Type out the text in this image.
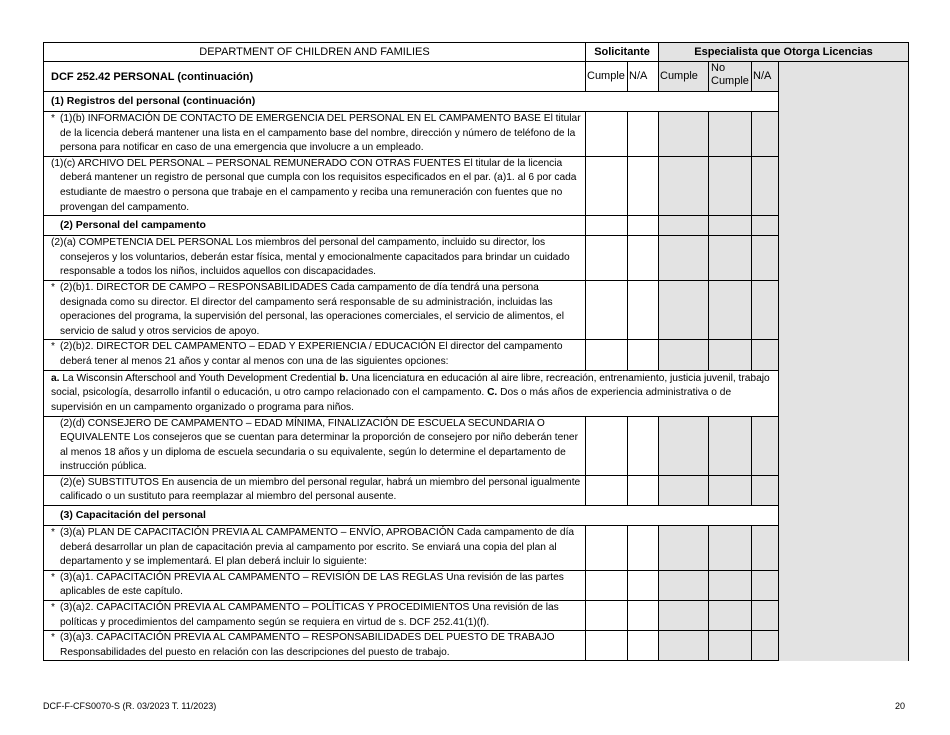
DEPARTMENT OF CHILDREN AND FAMILIES	Solicitante		Especialista que Otorga Licencias			
DCF 252.42 PERSONAL (continuación)	Cumple	N/A	Cumple	No Cumple	N/A	
(1) Registros del personal (continuación)						

* (1)(b) INFORMACIÓN DE CONTACTO DE EMERGENCIA DEL PERSONAL EN EL CAMPAMENTO BASE El titular de la licencia deberá mantener una lista en el campamento base del nombre, dirección y número de teléfono de la persona para notificar en caso de una emergencia que involucre a un empleado.						

(1)(c) ARCHIVO DEL PERSONAL – PERSONAL REMUNERADO CON OTRAS FUENTES El titular de la licencia deberá mantener un registro de personal que cumpla con los requisitos especificados en el par. (a)1. al 6 por cada estudiante de maestro o persona que trabaje en el campamento y reciba una remuneración con fuentes que no provengan del campamento.						

(2) Personal del campamento						

(2)(a) COMPETENCIA DEL PERSONAL Los miembros del personal del campamento, incluido su director, los consejeros y los voluntarios, deberán estar física, mental y emocionalmente capacitados para brindar un cuidado responsable a todos los niños, incluidos aquellos con discapacidades.						

* (2)(b)1. DIRECTOR DE CAMPO – RESPONSABILIDADES Cada campamento de día tendrá una persona designada como su director. El director del campamento será responsable de su administración, incluidas las operaciones del programa, la supervisión del personal, las operaciones comerciales, el servicio de alimentos, el servicio de salud y otros servicios de apoyo.						

* (2)(b)2. DIRECTOR DEL CAMPAMENTO – EDAD Y EXPERIENCIA / EDUCACIÓN El director del campamento deberá tener al menos 21 años y contar al menos con una de las siguientes opciones:						

a. La Wisconsin Afterschool and Youth Development Credential b. Una licenciatura en educación al aire libre, recreación, entrenamiento, justicia juvenil, trabajo social, psicología, desarrollo infantil o educación, u otro campo relacionado con el campamento. C. Dos o más años de experiencia administrativa o de supervisión en un campamento organizado o programa para niños.						
(2)(d) CONSEJERO DE CAMPAMENTO – EDAD MÍNIMA, FINALIZACIÓN DE ESCUELA SECUNDARIA O EQUIVALENTE Los consejeros que se cuentan para determinar la proporción de consejero por niño deberán tener al menos 18 años y un diploma de escuela secundaria o su equivalente, según lo determine el departamento de instrucción pública.						
(2)(e) SUBSTITUTOS En ausencia de un miembro del personal regular, habrá un miembro del personal igualmente calificado o un sustituto para reemplazar al miembro del personal ausente.						
(3) Capacitación del personal						

* (3)(a) PLAN DE CAPACITACIÓN PREVIA AL CAMPAMENTO – ENVÍO, APROBACIÓN Cada campamento de día deberá desarrollar un plan de capacitación previa al campamento por escrito. Se enviará una copia del plan al departamento y se implementará. El plan deberá incluir lo siguiente:						

* (3)(a)1. CAPACITACIÓN PREVIA AL CAMPAMENTO – REVISIÓN DE LAS REGLAS Una revisión de las partes aplicables de este capítulo.						

* (3)(a)2. CAPACITACIÓN PREVIA AL CAMPAMENTO – POLÍTICAS Y PROCEDIMIENTOS Una revisión de las políticas y procedimientos del campamento según se requiera en virtud de s. DCF 252.41(1)(f).						

* (3)(a)3. CAPACITACIÓN PREVIA AL CAMPAMENTO – RESPONSABILIDADES DEL PUESTO DE TRABAJO Responsabilidades del puesto en relación con las descripciones del puesto de trabajo.						

DCF-F-CFS0070-S (R. 03/2023 T. 11/2023)	20
